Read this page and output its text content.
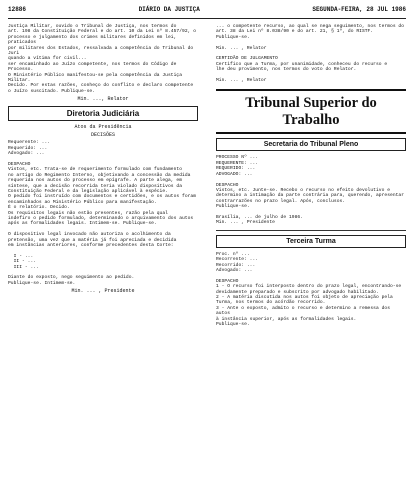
12886	DIÁRIO DA JUSTIÇA	SEGUNDA-FEIRA, 28 JUL 1986
Justiça Militar, ouvido o Tribunal de Justiça, nos termos do
art. 198 da Constituição Federal e do art. 10 da Lei nº 8.457/92, o
processo e julgamento dos crimes militares definidos em lei, praticados
por militares dos Estados, ressalvada a competência do Tribunal do Juri
quando a vítima for civil...
ser encaminhado ao Juízo competente, nos termos do Código de Processo.
O Ministério Público manifestou-se pela competência da Justiça Militar.
Decido. Por estas razões, conheço do conflito e declaro competente
o Juízo suscitado. Publique-se.
Min. ..., Relator
Diretoria Judiciária
Atos da Presidência
DECISÕES
Requerente: ...
Requerido: ...
Advogado: ...

DESPACHO
Vistos, etc. Trata-se de requerimento formulado com fundamento
no artigo do Regimento Interno, objetivando a concessão da medida
requerida nos autos do processo em epígrafe. A parte alega, em
síntese, que a decisão recorrida teria violado dispositivos da
Constituição Federal e da legislação aplicável à espécie.
O pedido foi instruído com documentos e certidões, e os autos foram
encaminhados ao Ministério Público para manifestação.
É o relatório. Decido.
Os requisitos legais não estão presentes, razão pela qual
indefiro o pedido formulado, determinando o arquivamento dos autos
após as formalidades legais. Intimem-se. Publique-se.

O dispositivo legal invocado não autoriza o acolhimento da
pretensão, uma vez que a matéria já foi apreciada e decidida
em instâncias anteriores, conforme precedentes desta Corte:

I - ...
II - ...
III - ...

Diante do exposto, nego seguimento ao pedido.
Publique-se. Intimem-se.
Min. ... , Presidente
... o competente recurso, ao qual se nega seguimento, nos termos do
art. 38 da Lei nº 8.038/90 e do art. 21, § 1º, do RISTF.
Publique-se.

Min. ... , Relator

CERTIDÃO DE JULGAMENTO
Certifico que a Turma, por unanimidade, conheceu do recurso e
lhe deu provimento, nos termos do voto do Relator.

Min. ... , Relator
Tribunal Superior do Trabalho
Secretaria do Tribunal Pleno
PROCESSO Nº ...
REQUERENTE: ...
REQUERIDO: ...
ADVOGADO: ...

DESPACHO
Vistos, etc. Junte-se. Recebo o recurso no efeito devolutivo e
determino a intimação da parte contrária para, querendo, apresentar
contrarrazões no prazo legal. Após, conclusos.
Publique-se.

Brasília, ... de julho de 1986.
Min. ... , Presidente
Terceira Turma
Proc. nº ...
Recorrente: ...
Recorrido: ...
Advogado: ...

DESPACHO
1 - O recurso foi interposto dentro do prazo legal, encontrando-se
devidamente preparado e subscrito por advogado habilitado.
2 - A matéria discutida nos autos foi objeto de apreciação pela
Turma, nos termos do acórdão recorrido.
3 - Ante o exposto, admito o recurso e determino a remessa dos autos
à instância superior, após as formalidades legais.
Publique-se.
